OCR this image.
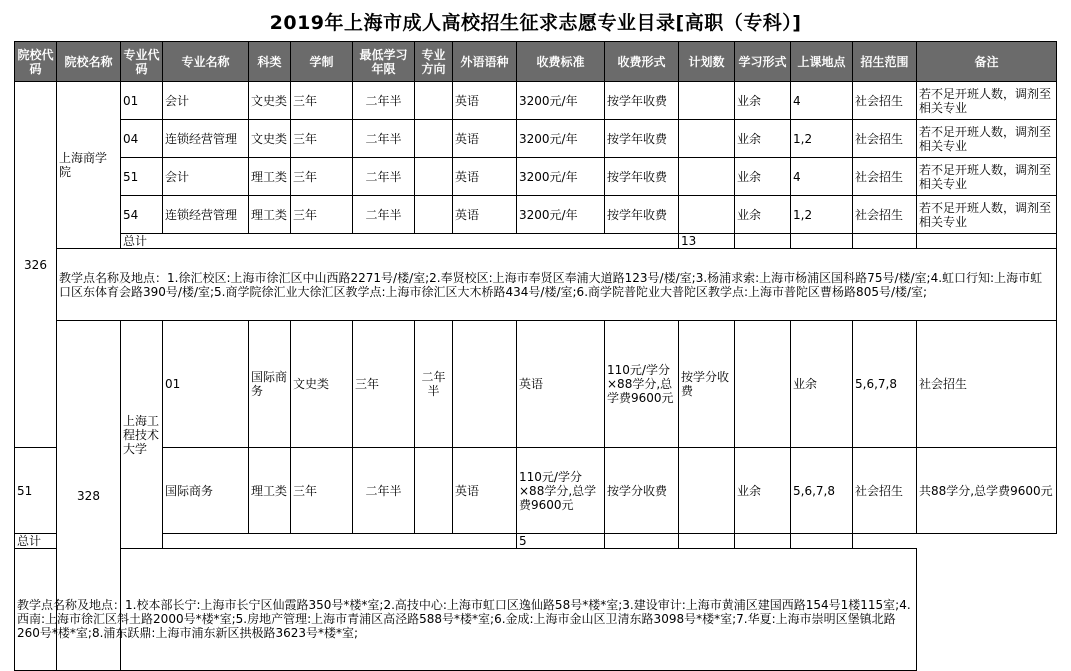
2019年上海市成人高校招生征求志愿专业目录[高职（专科）]
院校代码	院校名称	专业代码	专业名称	科类	学制	最低学习年限	专业方向	外语语种	收费标准	收费形式	计划数	学习形式	上课地点	招生范围	备注	
326	上海商学院	01	会计	文史类	三年	二年半		英语	3200元/年	按学年收费		业余	4	社会招生	若不足开班人数，调剂至相关专业	
		04	连锁经营管理	文史类	三年	二年半		英语	3200元/年	按学年收费		业余	1,2	社会招生	若不足开班人数，调剂至相关专业	
		51	会计	理工类	三年	二年半		英语	3200元/年	按学年收费		业余	4	社会招生	若不足开班人数，调剂至相关专业	
		54	连锁经营管理	理工类	三年	二年半		英语	3200元/年	按学年收费		业余	1,2	社会招生	若不足开班人数，调剂至相关专业	
		总计									13					
	教学点名称及地点：1.徐汇校区:上海市徐汇区中山西路2271号/楼/室;2.奉贤校区:上海市奉贤区奉浦大道路123号/楼/室;3.杨浦求索:上海市杨浦区国科路75号/楼/室;4.虹口行知:上海市虹口区东体育会路390号/楼/室;5.商学院徐汇业大徐汇区教学点:上海市徐汇区大木桥路434号/楼/室;6.商学院普陀业大普陀区教学点:上海市普陀区曹杨路805号/楼/室;															
	328	上海工程技术大学	01	国际商务	文史类	三年	二年半		英语	110元/学分×88学分,总学费9600元	按学分收费		业余	5,6,7,8	社会招生	
51			国际商务	理工类	三年	二年半		英语	110元/学分×88学分,总学费9600元	按学分收费		业余	5,6,7,8	社会招生	共88学分,总学费9600元	
总计									5							
教学点名称及地点：1.校本部长宁:上海市长宁区仙霞路350号*楼*室;2.高技中心:上海市虹口区逸仙路58号*楼*室;3.建设审计:上海市黄浦区建国西路154号1楼115室;4.西南:上海市徐汇区斜土路2000号*楼*室;5.房地产管理:上海市青浦区高泾路588号*楼*室;6.金成:上海市金山区卫清东路3098号*楼*室;7.华夏:上海市崇明区堡镇北路260号*楼*室;8.浦东跃鼎:上海市浦东新区拱极路3623号*楼*室;																
